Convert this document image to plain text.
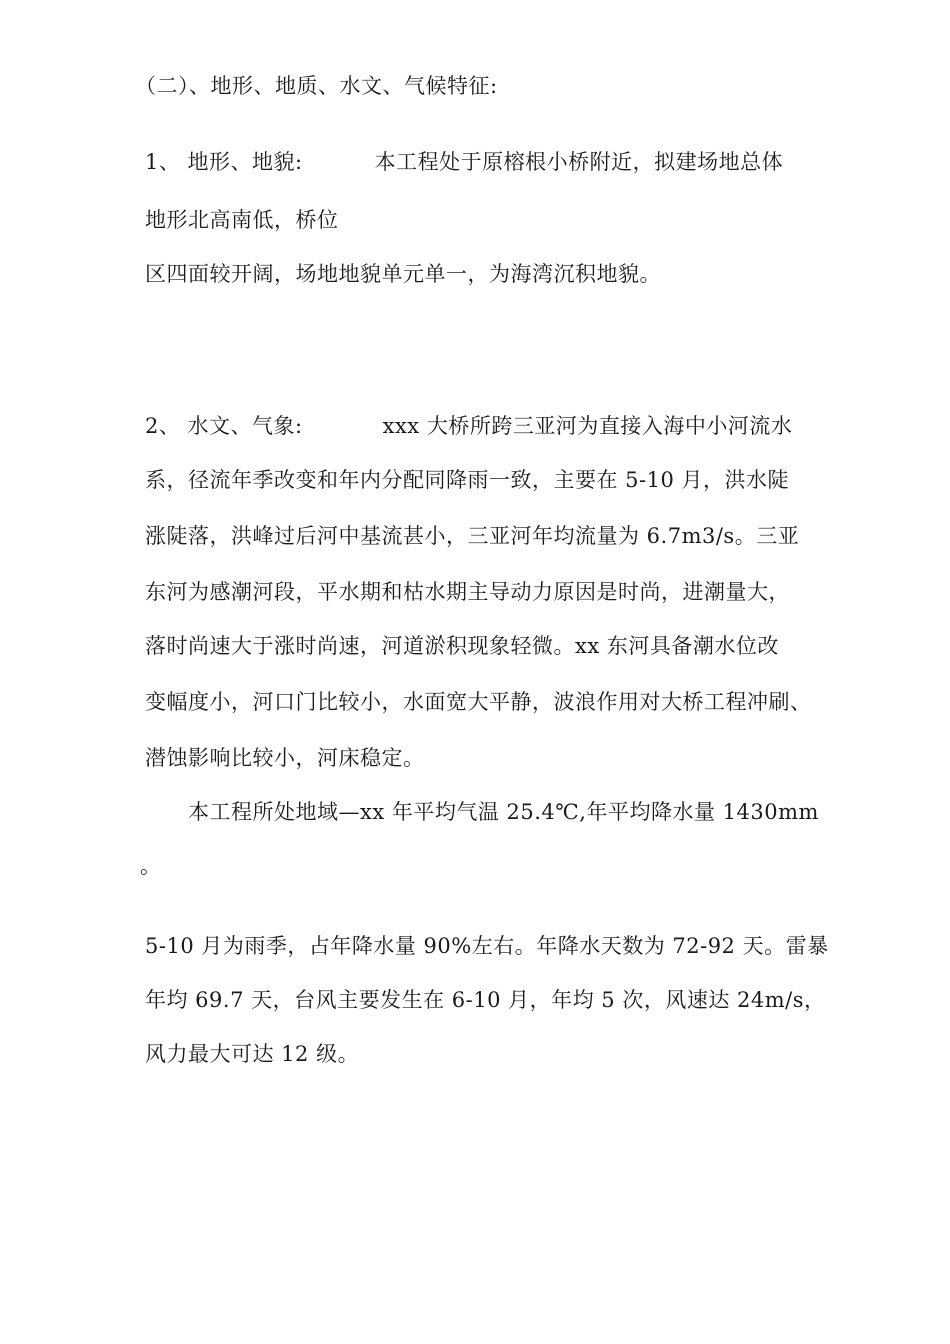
（二）、地形、地质、水文、气候特征:
1、 地形、地貌:	本工程处于原榕根小桥附近，拟建场地总体
地形北高南低，桥位
区四面较开阔，场地地貌单元单一，为海湾沉积地貌。
2、 水文、气象:	xxx 大桥所跨三亚河为直接入海中小河流水
系，径流年季改变和年内分配同降雨一致，主要在 5-10 月，洪水陡
涨陡落，洪峰过后河中基流甚小，三亚河年均流量为 6.7m3/s。三亚
东河为感潮河段，平水期和枯水期主导动力原因是时尚，进潮量大，
落时尚速大于涨时尚速，河道淤积现象轻微。xx 东河具备潮水位改
变幅度小，河口门比较小，水面宽大平静，波浪作用对大桥工程冲刷、
潜蚀影响比较小，河床稳定。
本工程所处地域—xx 年平均气温 25.4℃,年平均降水量 1430mm
。
5-10 月为雨季，占年降水量 90%左右。年降水天数为 72-92 天。雷暴
年均 69.7 天，台风主要发生在 6-10 月，年均 5 次，风速达 24m/s，
风力最大可达 12 级。
